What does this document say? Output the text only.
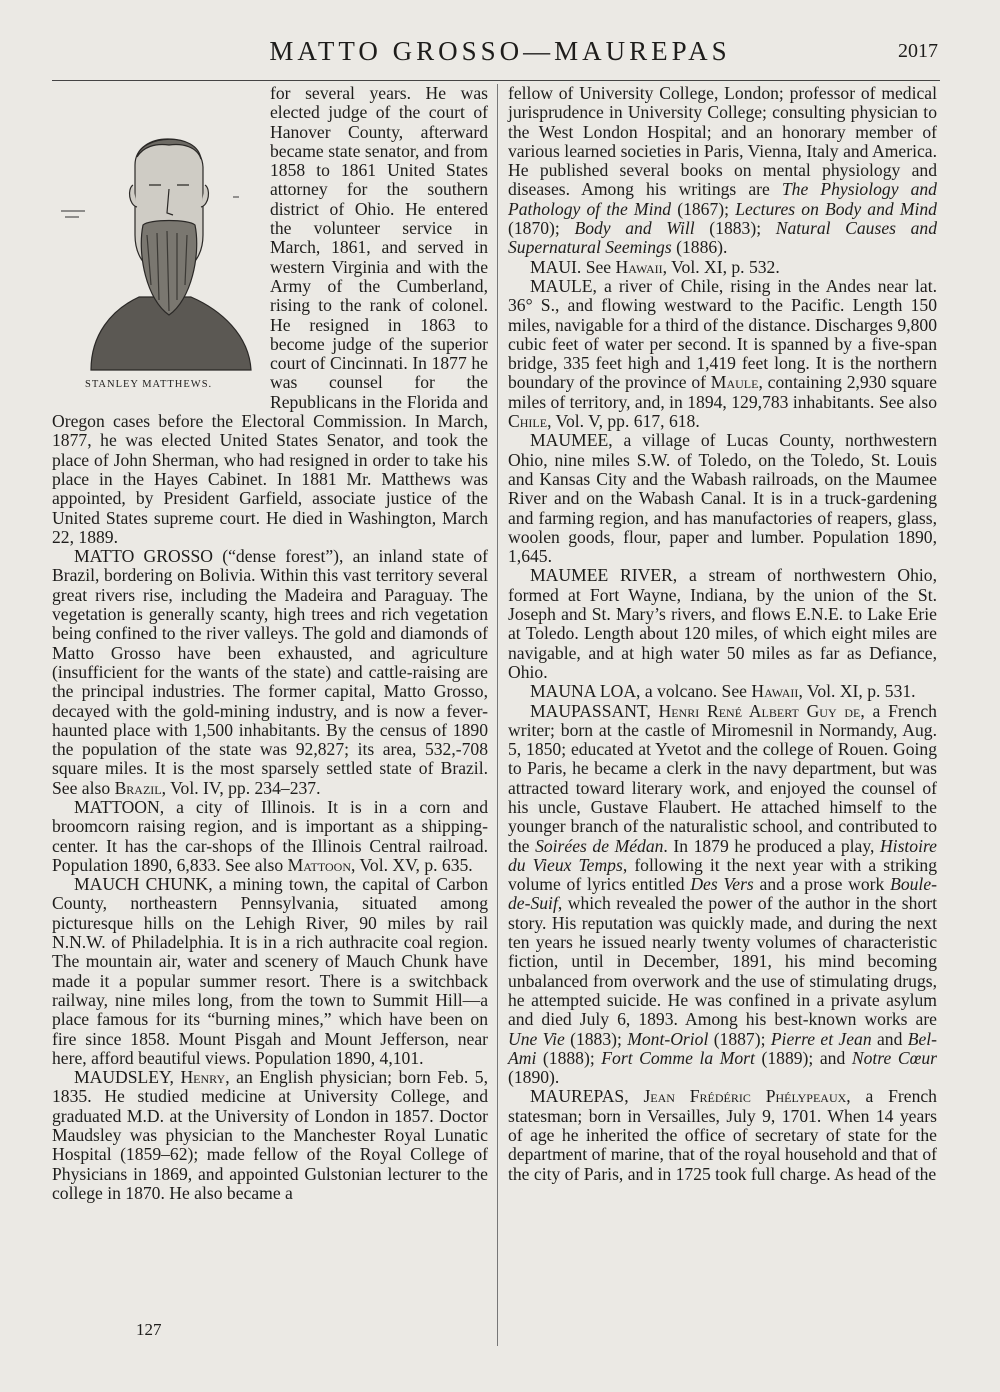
MATTO GROSSO—MAUREPAS	2017
STANLEY MATTHEWS.

for several years. He was elected judge of the court of Hanover County, afterward became state senator, and from 1858 to 1861 United States attorney for the southern district of Ohio. He entered the volunteer service in March, 1861, and served in western Virginia and with the Army of the Cumberland, rising to the rank of colonel. He resigned in 1863 to become judge of the superior court of Cincinnati. In 1877 he was counsel for the Republicans in the Florida and Oregon cases before the Electoral Commission. In March, 1877, he was elected United States Senator, and took the place of John Sherman, who had resigned in order to take his place in the Hayes Cabinet. In 1881 Mr. Matthews was appointed, by President Garfield, associate justice of the United States supreme court. He died in Washington, March 22, 1889.

MATTO GROSSO (“dense forest”), an inland state of Brazil, bordering on Bolivia. Within this vast territory several great rivers rise, including the Madeira and Paraguay. The vegetation is generally scanty, high trees and rich vegetation being confined to the river valleys. The gold and diamonds of Matto Grosso have been exhausted, and agriculture (insufficient for the wants of the state) and cattle-raising are the principal industries. The former capital, Matto Grosso, decayed with the gold-mining industry, and is now a fever-haunted place with 1,500 inhabitants. By the census of 1890 the population of the state was 92,827; its area, 532,-708 square miles. It is the most sparsely settled state of Brazil. See also Brazil, Vol. IV, pp. 234–237.

MATTOON, a city of Illinois. It is in a corn and broomcorn raising region, and is important as a shipping-center. It has the car-shops of the Illinois Central railroad. Population 1890, 6,833. See also Mattoon, Vol. XV, p. 635.

MAUCH CHUNK, a mining town, the capital of Carbon County, northeastern Pennsylvania, situated among picturesque hills on the Lehigh River, 90 miles by rail N.N.W. of Philadelphia. It is in a rich authracite coal region. The mountain air, water and scenery of Mauch Chunk have made it a popular summer resort. There is a switchback railway, nine miles long, from the town to Summit Hill—a place famous for its “burning mines,” which have been on fire since 1858. Mount Pisgah and Mount Jefferson, near here, afford beautiful views. Population 1890, 4,101.

MAUDSLEY, Henry, an English physician; born Feb. 5, 1835. He studied medicine at University College, and graduated M.D. at the University of London in 1857. Doctor Maudsley was physician to the Manchester Royal Lunatic Hospital (1859–62); made fellow of the Royal College of Physicians in 1869, and appointed Gulstonian lecturer to the college in 1870. He also became a

fellow of University College, London; professor of medical jurisprudence in University College; consulting physician to the West London Hospital; and an honorary member of various learned societies in Paris, Vienna, Italy and America. He published several books on mental physiology and diseases. Among his writings are The Physiology and Pathology of the Mind (1867); Lectures on Body and Mind (1870); Body and Will (1883); Natural Causes and Supernatural Seemings (1886).

MAUI. See Hawaii, Vol. XI, p. 532.

MAULE, a river of Chile, rising in the Andes near lat. 36° S., and flowing westward to the Pacific. Length 150 miles, navigable for a third of the distance. Discharges 9,800 cubic feet of water per second. It is spanned by a five-span bridge, 335 feet high and 1,419 feet long. It is the northern boundary of the province of Maule, containing 2,930 square miles of territory, and, in 1894, 129,783 inhabitants. See also Chile, Vol. V, pp. 617, 618.

MAUMEE, a village of Lucas County, northwestern Ohio, nine miles S.W. of Toledo, on the Toledo, St. Louis and Kansas City and the Wabash railroads, on the Maumee River and on the Wabash Canal. It is in a truck-gardening and farming region, and has manufactories of reapers, glass, woolen goods, flour, paper and lumber. Population 1890, 1,645.

MAUMEE RIVER, a stream of northwestern Ohio, formed at Fort Wayne, Indiana, by the union of the St. Joseph and St. Mary’s rivers, and flows E.N.E. to Lake Erie at Toledo. Length about 120 miles, of which eight miles are navigable, and at high water 50 miles as far as Defiance, Ohio.

MAUNA LOA, a volcano. See Hawaii, Vol. XI, p. 531.

MAUPASSANT, Henri René Albert Guy de, a French writer; born at the castle of Miromesnil in Normandy, Aug. 5, 1850; educated at Yvetot and the college of Rouen. Going to Paris, he became a clerk in the navy department, but was attracted toward literary work, and enjoyed the counsel of his uncle, Gustave Flaubert. He attached himself to the younger branch of the naturalistic school, and contributed to the Soirées de Médan. In 1879 he produced a play, Histoire du Vieux Temps, following it the next year with a striking volume of lyrics entitled Des Vers and a prose work Boule-de-Suif, which revealed the power of the author in the short story. His reputation was quickly made, and during the next ten years he issued nearly twenty volumes of characteristic fiction, until in December, 1891, his mind becoming unbalanced from overwork and the use of stimulating drugs, he attempted suicide. He was confined in a private asylum and died July 6, 1893. Among his best-known works are Une Vie (1883); Mont-Oriol (1887); Pierre et Jean and Bel-Ami (1888); Fort Comme la Mort (1889); and Notre Cœur (1890).

MAUREPAS, Jean Frédéric Phélypeaux, a French statesman; born in Versailles, July 9, 1701. When 14 years of age he inherited the office of secretary of state for the department of marine, that of the royal household and that of the city of Paris, and in 1725 took full charge. As head of the

127
